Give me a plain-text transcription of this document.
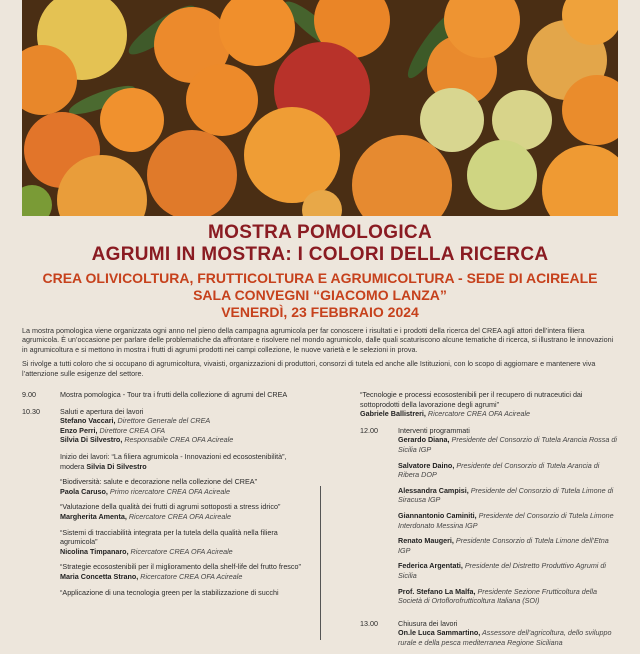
MOSTRA POMOLOGICA
AGRUMI IN MOSTRA: I COLORI DELLA RICERCA
CREA OLIVICOLTURA, FRUTTICOLTURA E AGRUMICOLTURA - SEDE DI ACIREALE
SALA CONVEGNI “GIACOMO LANZA”
VENERDÌ, 23 FEBBRAIO 2024

La mostra pomologica viene organizzata ogni anno nel pieno della campagna agrumicola per far conoscere i risultati e i prodotti della ricerca del CREA agli attori dell’intera filiera agrumicola. È un’occasione per parlare delle problematiche da affrontare e risolvere nel mondo agrumicolo, dalle quali scaturiscono alcune tematiche di ricerca, si illustrano le innovazioni in agrumicoltura e si mettono in mostra i frutti di agrumi prodotti nei campi collezione, le nuove varietà e le selezioni in prova.

Si rivolge a tutti coloro che si occupano di agrumicoltura, vivaisti, organizzazioni di produttori, consorzi di tutela ed anche alle Istituzioni, con lo scopo di aggiornare e mantenere viva l’attenzione sulle esigenze del settore.

9.00	Mostra pomologica - Tour tra i frutti della collezione di agrumi del CREA
10.30	Saluti e apertura dei lavori
Stefano Vaccari, Direttore Generale del CREA
Enzo Perri, Direttore CREA OFA
Silvia Di Silvestro, Responsabile CREA OFA Acireale
Inizio dei lavori: “La filiera agrumicola - Innovazioni ed ecosostenibilità”, modera Silvia Di Silvestro
“Biodiversità: salute e decorazione nella collezione del CREA”
Paola Caruso, Primo ricercatore CREA OFA Acireale
“Valutazione della qualità dei frutti di agrumi sottoposti a stress idrico”
Margherita Amenta, Ricercatore CREA OFA Acireale
“Sistemi di tracciabilità integrata per la tutela della qualità nella filiera agrumicola”
Nicolina Timpanaro, Ricercatore CREA OFA Acireale
“Strategie ecosostenibili per il miglioramento della shelf-life del frutto fresco”
Maria Concetta Strano, Ricercatore CREA OFA Acireale
“Applicazione di una tecnologia green per la stabilizzazione di succhi
“Tecnologie e processi ecosostenibili per il recupero di nutraceutici dai sottoprodotti della lavorazione degli agrumi”
Gabriele Ballistreri, Ricercatore CREA OFA Acireale
12.00	Interventi programmati
Gerardo Diana, Presidente del Consorzio di Tutela Arancia Rossa di Sicilia IGP
Salvatore Daino, Presidente del Consorzio di Tutela Arancia di Ribera DOP
Alessandra Campisi, Presidente del Consorzio di Tutela Limone di Siracusa IGP
Giannantonio Caminiti, Presidente del Consorzio di Tutela Limone Interdonato Messina IGP
Renato Maugeri, Presidente Consorzio di Tutela Limone dell’Etna IGP
Federica Argentati, Presidente del Distretto Produttivo Agrumi di Sicilia
Prof. Stefano La Malfa, Presidente Sezione Frutticoltura della Società di Ortoflorofrutticoltura Italiana (SOI)
13.00	Chiusura dei lavori
On.le Luca Sammartino, Assessore dell’agricoltura, dello sviluppo rurale e della pesca mediterranea Regione Siciliana
